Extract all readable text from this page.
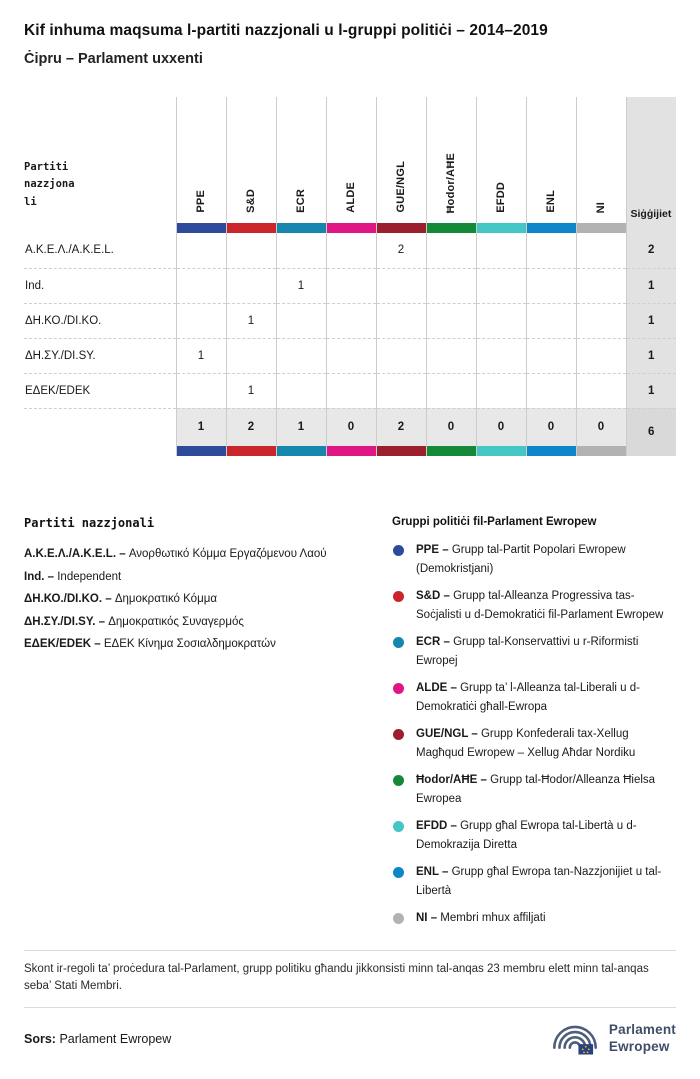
Kif inhuma maqsuma l-partiti nazzjonali u l-gruppi politiċi – 2014–2019
Ċipru – Parlament uxxenti
Partiti nazzjonali	PPE	S&D	ECR	ALDE	GUE/NGL	Ħodor/AĦE	EFDD	ENL	NI	Siġġijiet

Α.Κ.Ε.Λ./A.K.E.L.					2					2
Ind.			1							1
ΔΗ.ΚΟ./DI.KO.		1								1
ΔΗ.ΣΥ./DI.SY.	1									1
ΕΔΕΚ/EDEK		1								1
	1	2	1	0	2	0	0	0	0	6

Partiti nazzjonali
Α.Κ.Ε.Λ./A.K.E.L. – Ανορθωτικό Κόμμα Εργαζόμενου Λαού
Ind. – Independent
ΔΗ.ΚΟ./DI.KO. – Δημοκρατικό Κόμμα
ΔΗ.ΣΥ./DI.SY. – Δημοκρατικός Συναγερμός
ΕΔΕΚ/EDEK – ΕΔΕΚ Κίνημα Σοσιαλδημοκρατών
Gruppi politiċi fil-Parlament Ewropew

PPE – Grupp tal-Partit Popolari Ewropew (Demokristjani)

S&D – Grupp tal-Alleanza Progressiva tas-Soċjalisti u d-Demokratiċi fil-Parlament Ewropew

ECR – Grupp tal-Konservattivi u r-Riformisti Ewropej

ALDE – Grupp ta’ l-Alleanza tal-Liberali u d-Demokratiċi għall-Ewropa

GUE/NGL – Grupp Konfederali tax-Xellug Magħqud Ewropew – Xellug Aħdar Nordiku

Ħodor/AĦE – Grupp tal-Ħodor/Alleanza Ħielsa Ewropea

EFDD – Grupp għal Ewropa tal-Libertà u d-Demokrazija Diretta

ENL – Grupp għal Ewropa tan-Nazzjonijiet u tal-Libertà

NI – Membri mhux affiljati

Skont ir-regoli ta’ proċedura tal-Parlament, grupp politiku għandu jikkonsisti minn tal-anqas 23 membru elett minn tal-anqas seba’ Stati Membri.
Sors: Parlament Ewropew
Parlament
Ewropew
